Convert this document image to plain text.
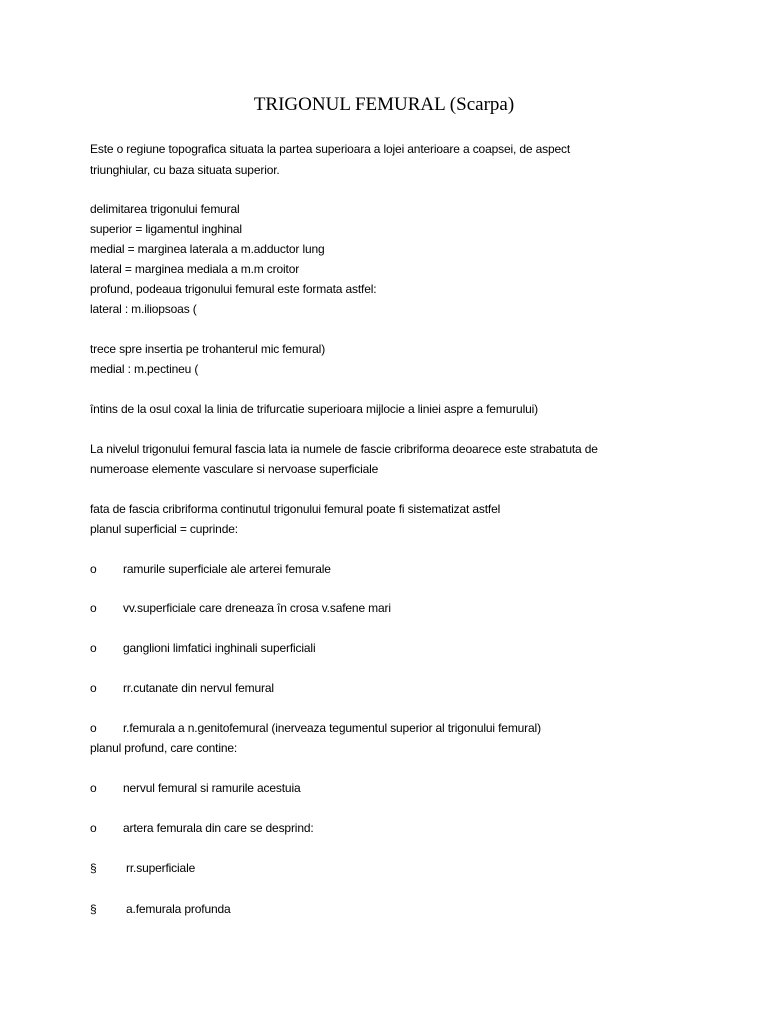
TRIGONUL FEMURAL (Scarpa)
Este o regiune topografica situata la partea superioara a lojei anterioare a coapsei, de aspect
triunghiular, cu baza situata superior.
delimitarea trigonului femural
superior = ligamentul inghinal
medial = marginea laterala a m.adductor lung
lateral = marginea mediala a m.m croitor
profund, podeaua trigonului femural este formata astfel:
lateral : m.iliopsoas (
trece spre insertia pe trohanterul mic femural)
medial : m.pectineu (
întins de la osul coxal la linia de trifurcatie superioara mijlocie a liniei aspre a femurului)
La nivelul trigonului femural fascia lata ia numele de fascie cribriforma deoarece este strabatuta de
numeroase elemente vasculare si nervoase superficiale
fata de fascia cribriforma continutul trigonului femural poate fi sistematizat astfel
planul superficial = cuprinde:
o ramurile superficiale ale arterei femurale
o vv.superficiale care dreneaza în crosa v.safene mari
o ganglioni limfatici inghinali superficiali
o rr.cutanate din nervul femural
o r.femurala a n.genitofemural (inerveaza tegumentul superior al trigonului femural)
planul profund, care contine:
o nervul femural si ramurile acestuia
o artera femurala din care se desprind:
§ rr.superficiale
§ a.femurala profunda
